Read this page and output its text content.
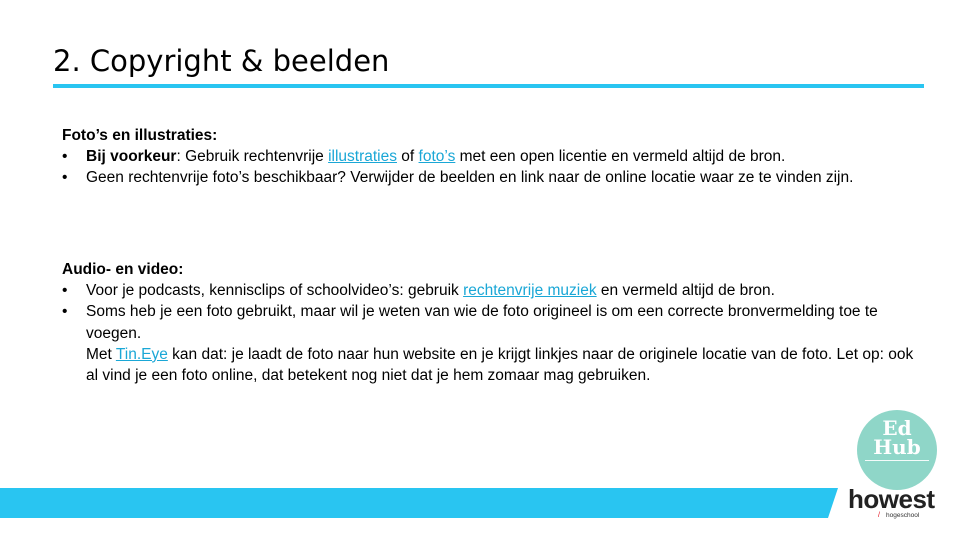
2. Copyright & beelden
Foto’s en illustraties:
• Bij voorkeur: Gebruik rechtenvrije illustraties of foto’s met een open licentie en vermeld altijd de bron.
• Geen rechtenvrije foto’s beschikbaar? Verwijder de beelden en link naar de online locatie waar ze te vinden zijn.
Audio- en video:
• Voor je podcasts, kennisclips of schoolvideo’s: gebruik rechtenvrije muziek en vermeld altijd de bron.
• Soms heb je een foto gebruikt, maar wil je weten van wie de foto origineel is om een correcte bronvermelding toe te voegen.
Met Tin.Eye kan dat: je laadt de foto naar hun website en je krijgt linkjes naar de originele locatie van de foto. Let op: ook al vind je een foto online, dat betekent nog niet dat je hem zomaar mag gebruiken.
Ed
Hub
howest
/ hogeschool
